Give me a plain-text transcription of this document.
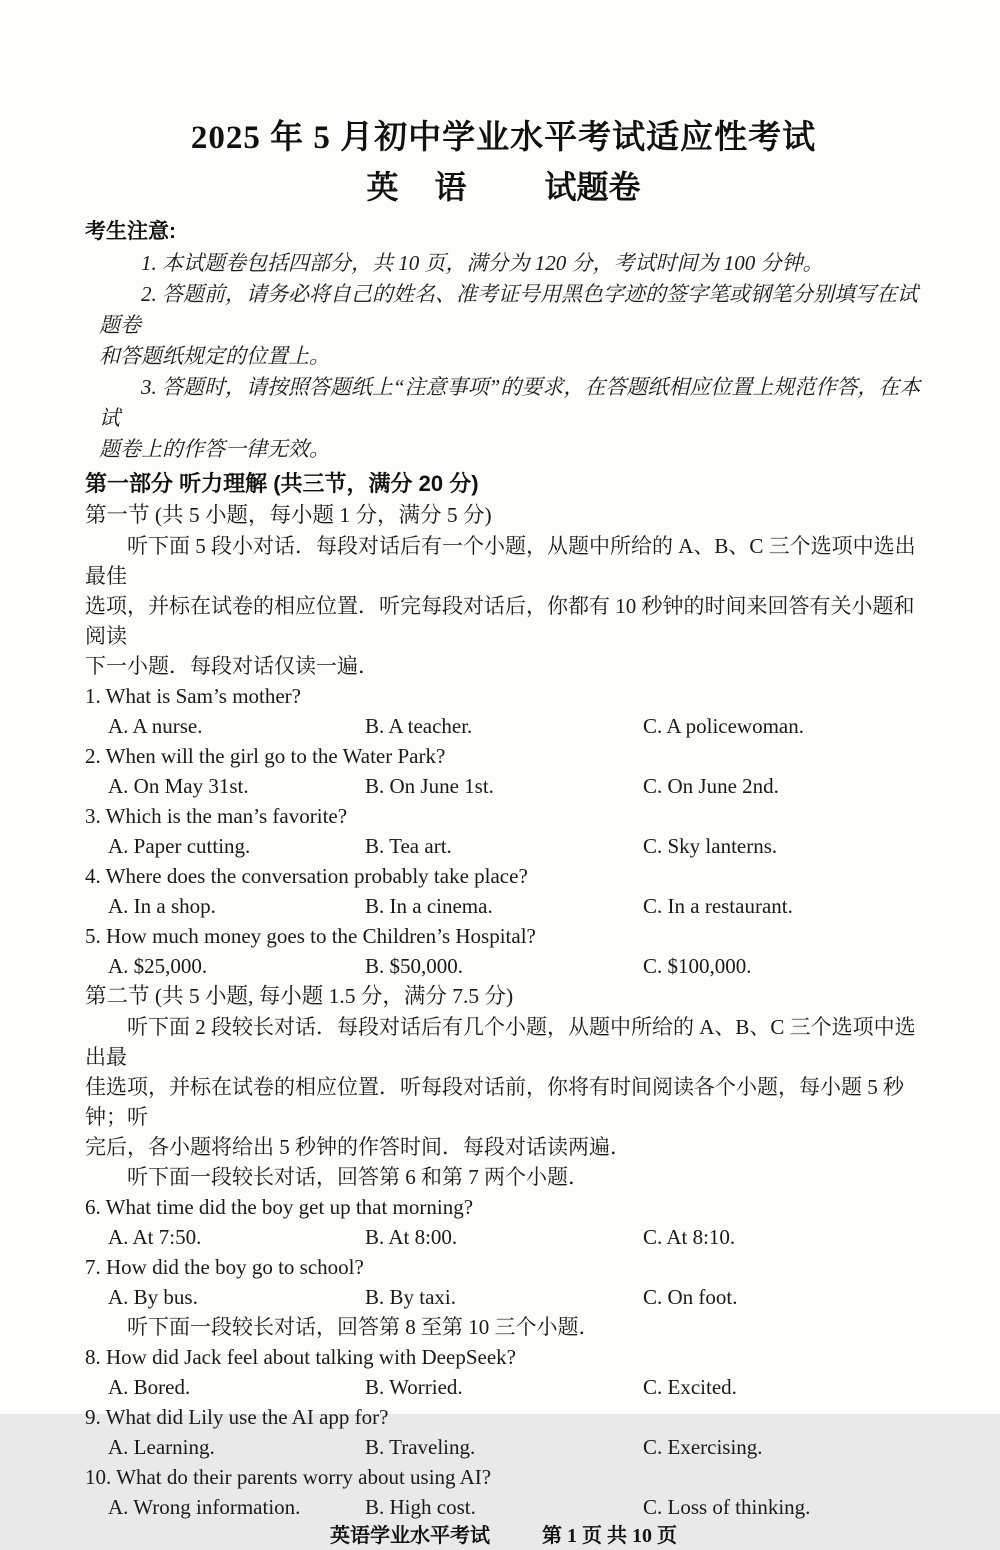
2025 年 5 月初中学业水平考试适应性考试
英 语 试题卷
考生注意:
1. 本试题卷包括四部分，共 10 页，满分为 120 分，考试时间为 100 分钟。
2. 答题前，请务必将自己的姓名、准考证号用黑色字迹的签字笔或钢笔分别填写在试题卷
和答题纸规定的位置上。
3. 答题时，请按照答题纸上“注意事项”的要求，在答题纸相应位置上规范作答，在本试
题卷上的作答一律无效。
第一部分 听力理解 (共三节，满分 20 分)
第一节 (共 5 小题，每小题 1 分，满分 5 分)
听下面 5 段小对话．每段对话后有一个小题，从题中所给的 A、B、C 三个选项中选出最佳
选项，并标在试卷的相应位置．听完每段对话后，你都有 10 秒钟的时间来回答有关小题和阅读
下一小题．每段对话仅读一遍．
1. What is Sam’s mother?
A. A nurse.	B. A teacher.	C. A policewoman.
2. When will the girl go to the Water Park?
A. On May 31st.	B. On June 1st.	C. On June 2nd.
3. Which is the man’s favorite?
A. Paper cutting.	B. Tea art.	C. Sky lanterns.
4. Where does the conversation probably take place?
A. In a shop.	B. In a cinema.	C. In a restaurant.
5. How much money goes to the Children’s Hospital?
A. $25,000.	B. $50,000.	C. $100,000.
第二节 (共 5 小题, 每小题 1.5 分，满分 7.5 分)
听下面 2 段较长对话．每段对话后有几个小题，从题中所给的 A、B、C 三个选项中选出最
佳选项，并标在试卷的相应位置．听每段对话前，你将有时间阅读各个小题，每小题 5 秒钟；听
完后，各小题将给出 5 秒钟的作答时间．每段对话读两遍．
听下面一段较长对话，回答第 6 和第 7 两个小题．
6. What time did the boy get up that morning?
A. At 7:50.	B. At 8:00.	C. At 8:10.
7. How did the boy go to school?
A. By bus.	B. By taxi.	C. On foot.
听下面一段较长对话，回答第 8 至第 10 三个小题．
8. How did Jack feel about talking with DeepSeek?
A. Bored.	B. Worried.	C. Excited.
9. What did Lily use the AI app for?
A. Learning.	B. Traveling.	C. Exercising.
10. What do their parents worry about using AI?
A. Wrong information.	B. High cost.	C. Loss of thinking.
英语学业水平考试	第 1 页 共 10 页
